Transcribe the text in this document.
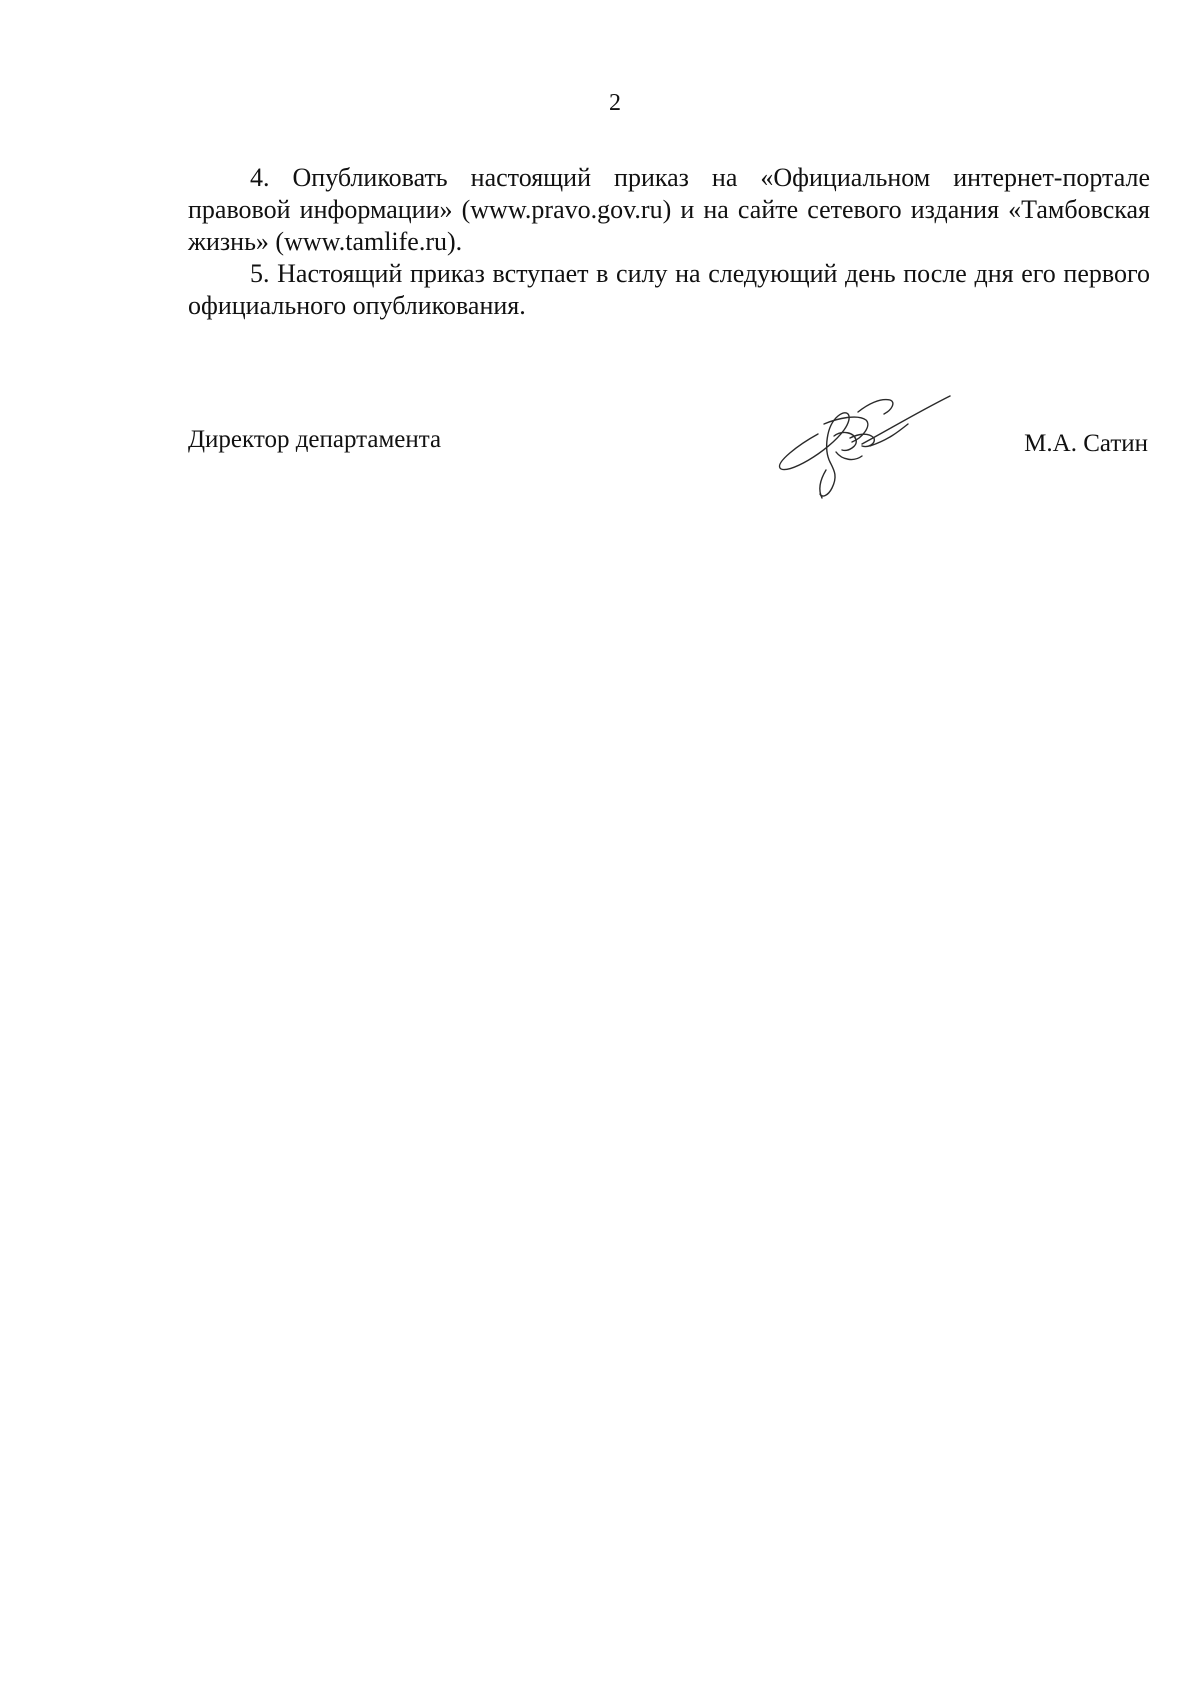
2

4. Опубликовать настоящий приказ на «Официальном интернет-портале правовой информации» (www.pravo.gov.ru) и на сайте сетевого издания «Тамбовская жизнь» (www.tamlife.ru).

5. Настоящий приказ вступает в силу на следующий день после дня его первого официального опубликования.

Директор департамента	М.А. Сатин
